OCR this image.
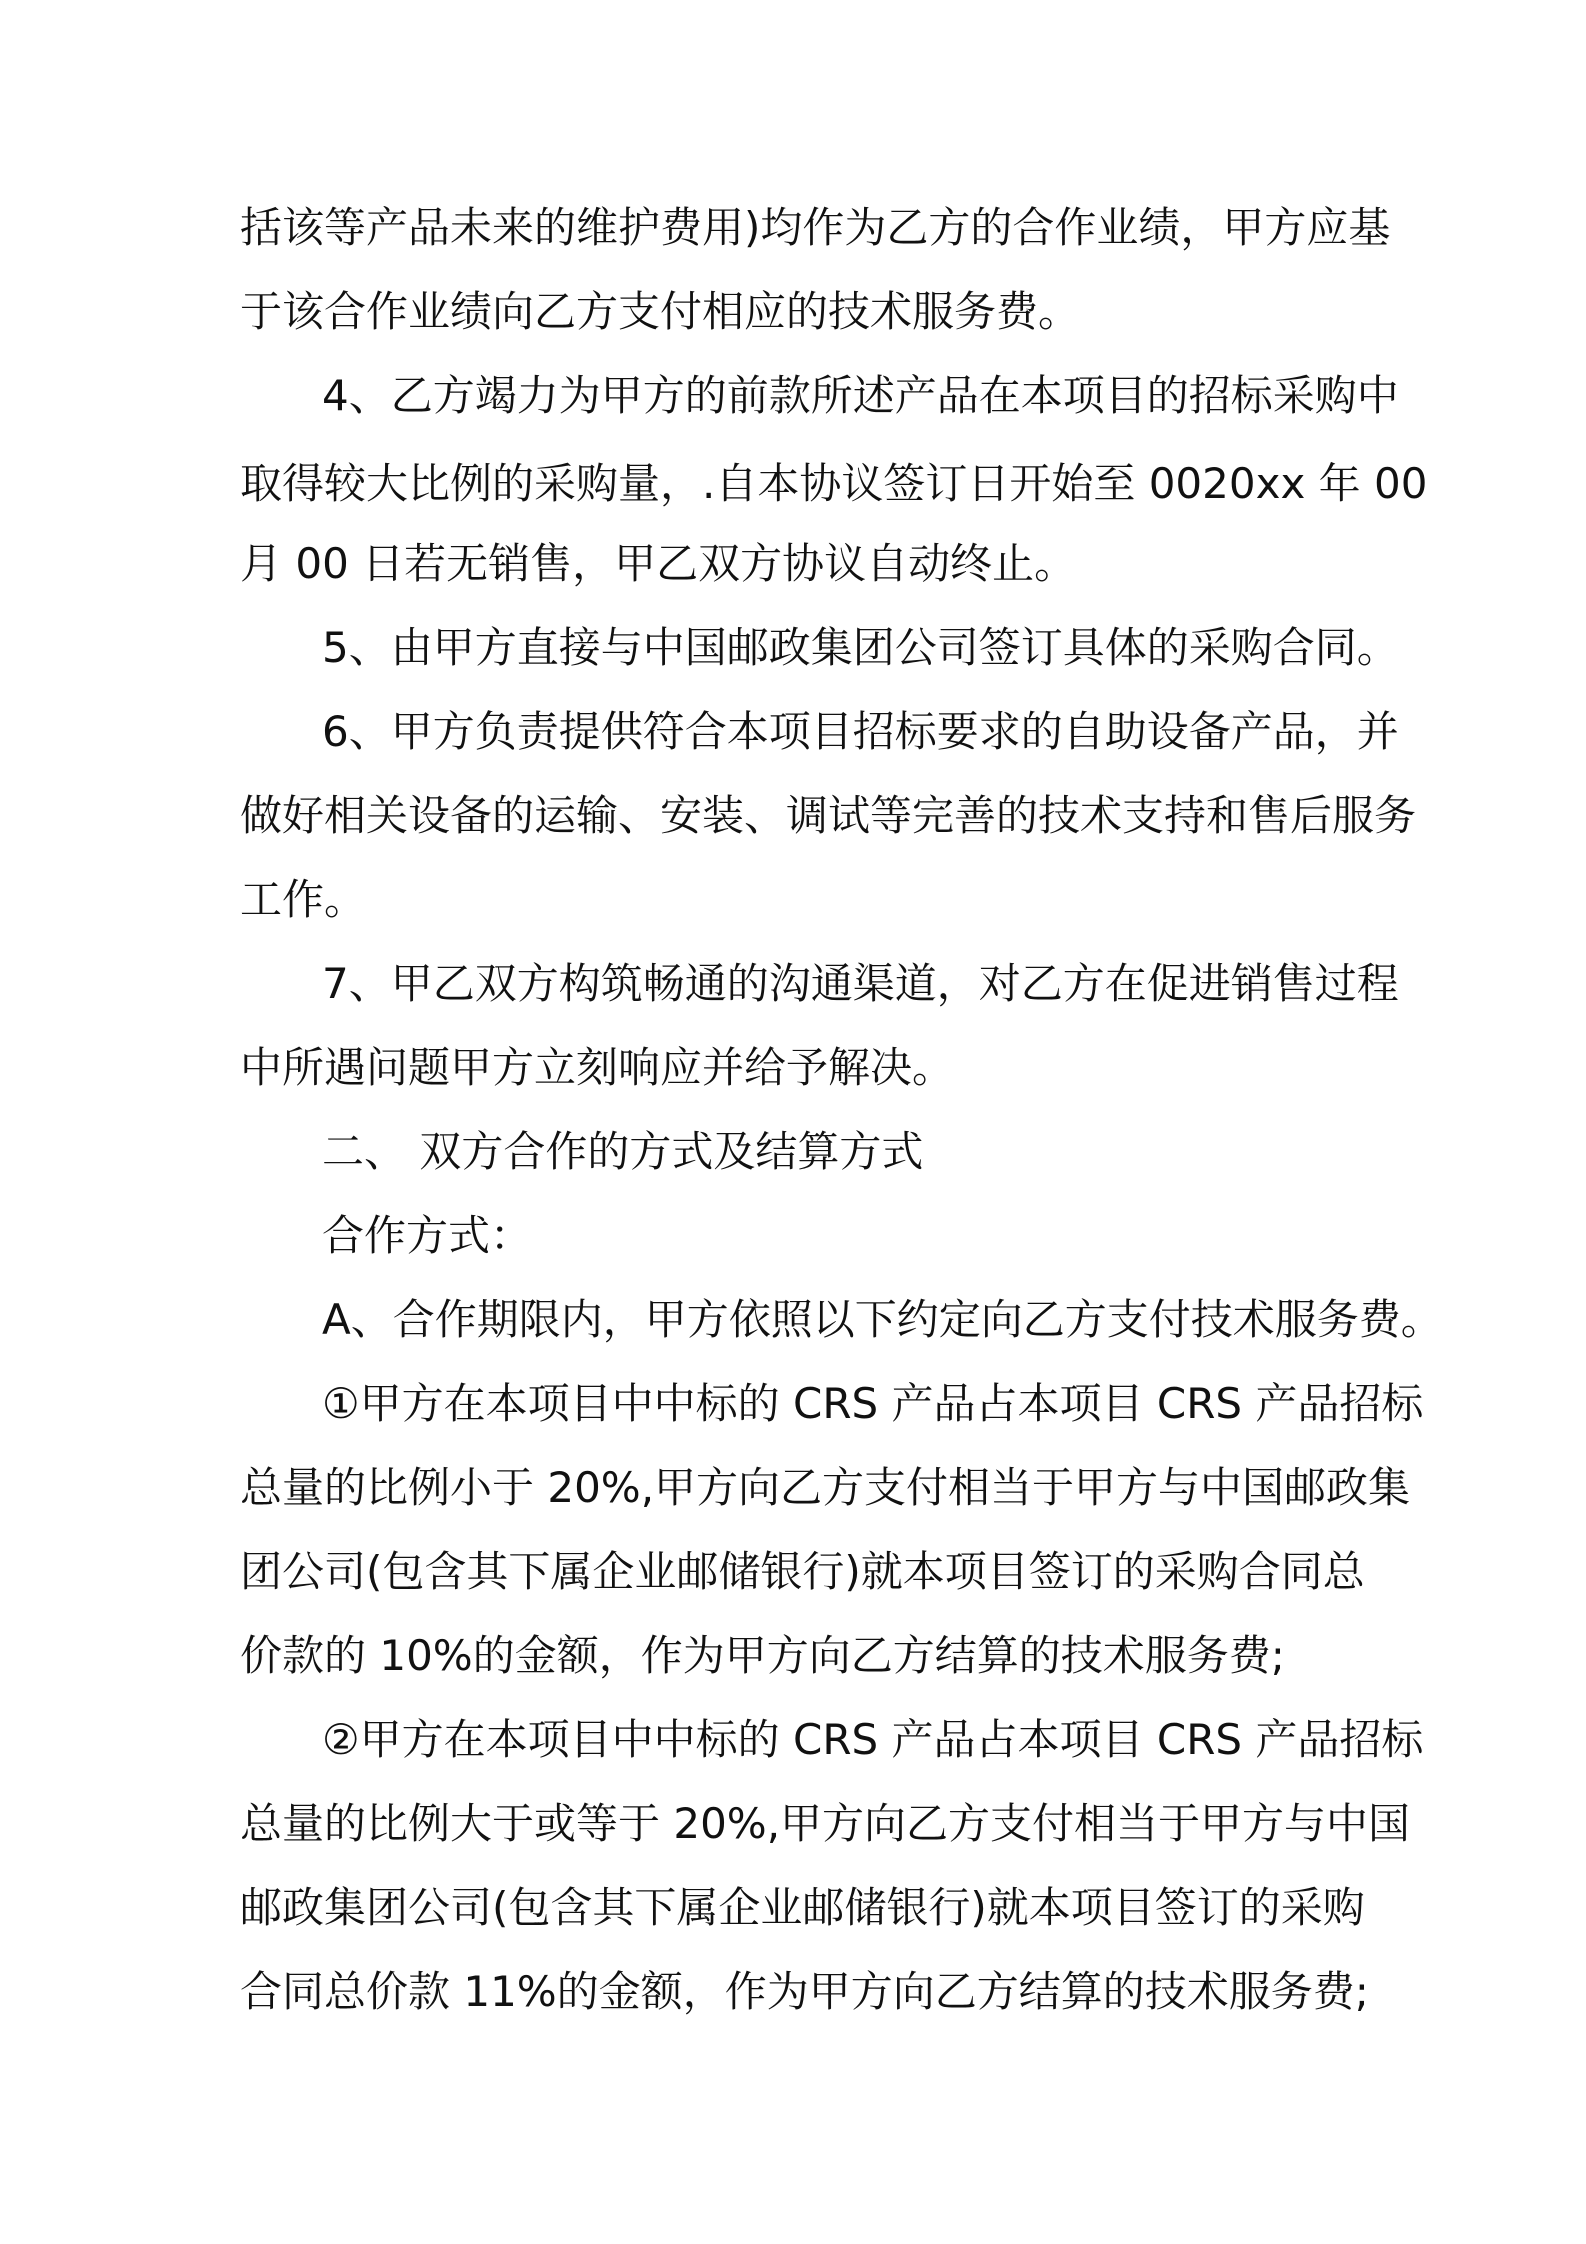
括该等产品未来的维护费用)均作为乙方的合作业绩，甲方应基
于该合作业绩向乙方支付相应的技术服务费。
4、乙方竭力为甲方的前款所述产品在本项目的招标采购中
取得较大比例的采购量，.自本协议签订日开始至 0020xx 年 00
月 00 日若无销售，甲乙双方协议自动终止。
5、由甲方直接与中国邮政集团公司签订具体的采购合同。
6、甲方负责提供符合本项目招标要求的自助设备产品，并
做好相关设备的运输、安装、调试等完善的技术支持和售后服务
工作。
7、甲乙双方构筑畅通的沟通渠道，对乙方在促进销售过程
中所遇问题甲方立刻响应并给予解决。
二、 双方合作的方式及结算方式
合作方式：
A、合作期限内，甲方依照以下约定向乙方支付技术服务费。
①甲方在本项目中中标的 CRS 产品占本项目 CRS 产品招标
总量的比例小于 20%,甲方向乙方支付相当于甲方与中国邮政集
团公司(包含其下属企业邮储银行)就本项目签订的采购合同总
价款的 10%的金额，作为甲方向乙方结算的技术服务费;
②甲方在本项目中中标的 CRS 产品占本项目 CRS 产品招标
总量的比例大于或等于 20%,甲方向乙方支付相当于甲方与中国
邮政集团公司(包含其下属企业邮储银行)就本项目签订的采购
合同总价款 11%的金额，作为甲方向乙方结算的技术服务费;
